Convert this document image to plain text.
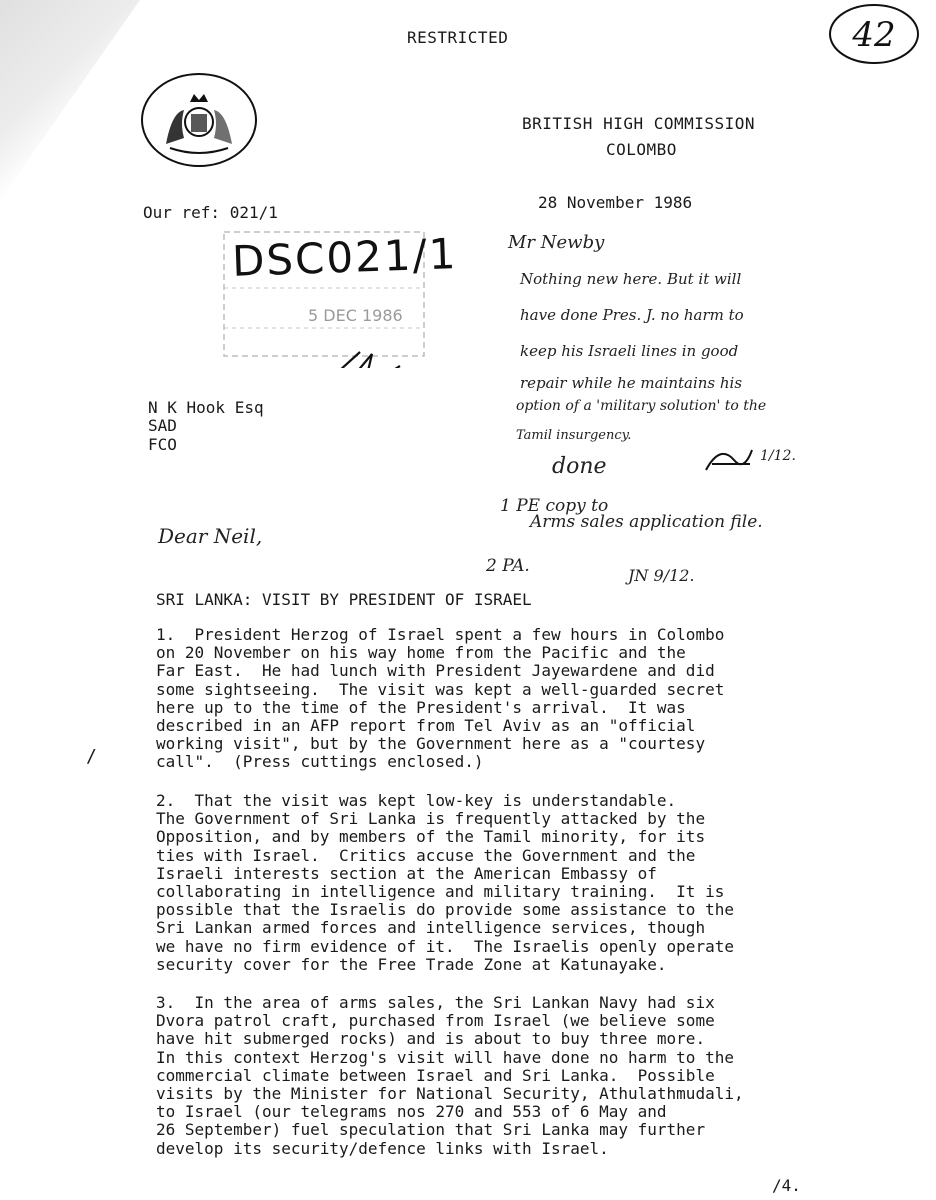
RESTRICTED	42
BRITISH HIGH COMMISSION
COLOMBO
28 November 1986
Our ref: 021/1
DSC021/1
5 DEC 1986
N K Hook Esq
SAD
FCO
Mr Newby
Nothing new here. But it will
have done Pres. J. no harm to
keep his Israeli lines in good
repair while he maintains his
option of a 'military solution' to the
Tamil insurgency.
1/12.
done
1 PE copy to
Arms sales application file.
2 PA.	JN 9/12.
Dear Neil,
SRI LANKA: VISIT BY PRESIDENT OF ISRAEL
1.  President Herzog of Israel spent a few hours in Colombo
on 20 November on his way home from the Pacific and the
Far East.  He had lunch with President Jayewardene and did
some sightseeing.  The visit was kept a well-guarded secret
here up to the time of the President's arrival.  It was
described in an AFP report from Tel Aviv as an "official
working visit", but by the Government here as a "courtesy
call".  (Press cuttings enclosed.)
2.  That the visit was kept low-key is understandable.
The Government of Sri Lanka is frequently attacked by the
Opposition, and by members of the Tamil minority, for its
ties with Israel.  Critics accuse the Government and the
Israeli interests section at the American Embassy of
collaborating in intelligence and military training.  It is
possible that the Israelis do provide some assistance to the
Sri Lankan armed forces and intelligence services, though
we have no firm evidence of it.  The Israelis openly operate
security cover for the Free Trade Zone at Katunayake.
3.  In the area of arms sales, the Sri Lankan Navy had six
Dvora patrol craft, purchased from Israel (we believe some
have hit submerged rocks) and is about to buy three more.
In this context Herzog's visit will have done no harm to the
commercial climate between Israel and Sri Lanka.  Possible
visits by the Minister for National Security, Athulathmudali,
to Israel (our telegrams nos 270 and 553 of 6 May and
26 September) fuel speculation that Sri Lanka may further
develop its security/defence links with Israel.
/
/4.
